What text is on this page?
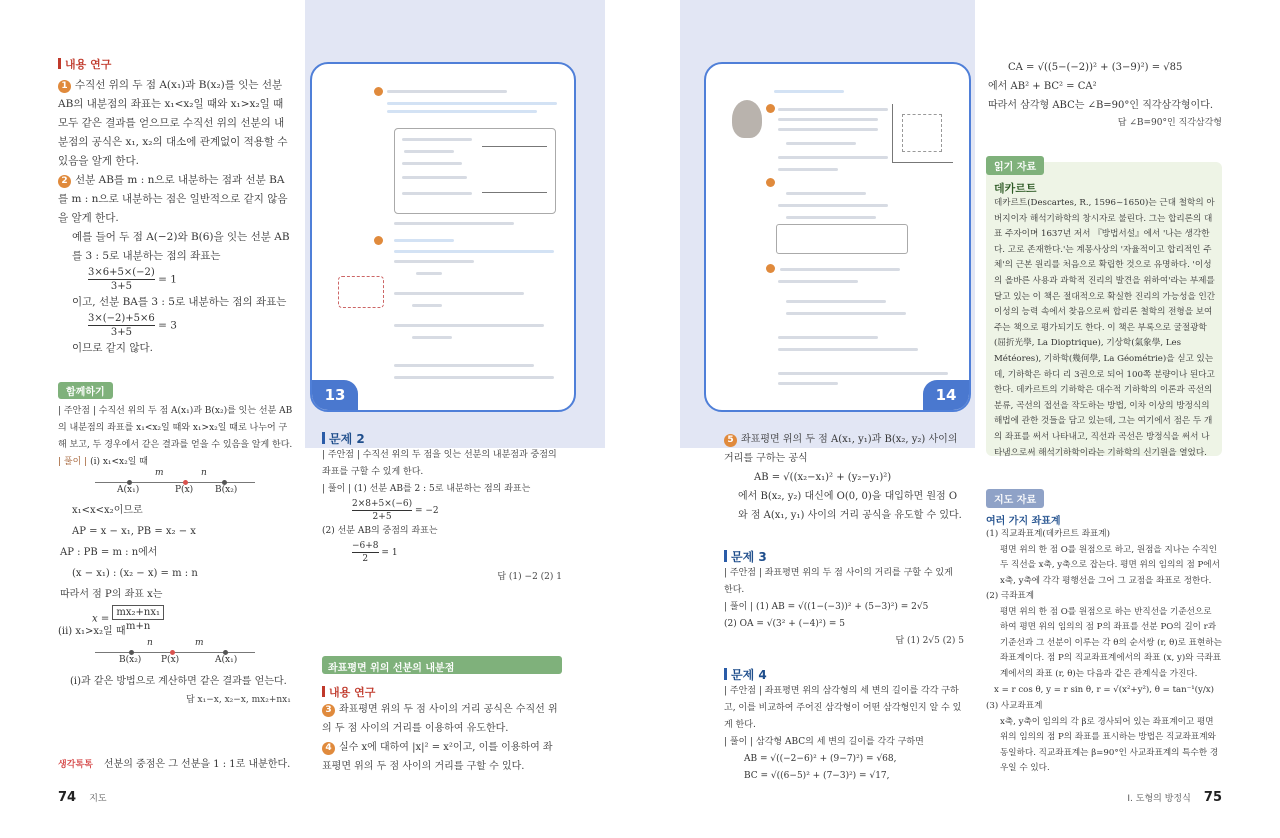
내용 연구
1 수직선 위의 두 점 A(x₁)과 B(x₂)를 잇는 선분 AB의 내분점의 좌표는 x₁<x₂일 때와 x₁>x₂일 때 모두 같은 결과를 얻으므로 수직선 위의 선분의 내분점의 공식은 x₁, x₂의 대소에 관계없이 적용할 수 있음을 알게 한다.
2 선분 AB를 m : n으로 내분하는 점과 선분 BA를 m : n으로 내분하는 점은 일반적으로 같지 않음을 알게 한다.
예를 들어 두 점 A(−2)와 B(6)을 잇는 선분 AB를 3 : 5로 내분하는 점의 좌표는
$\frac{3\times 6+5\times(-2)}{3+5} = 1$
이고, 선분 BA를 3 : 5로 내분하는 점의 좌표는
$\frac{3\times(-2)+5\times 6}{3+5} = 3$
이므로 같지 않다.
함께하기
| 주안점 | 수직선 위의 두 점 A(x₁)과 B(x₂)를 잇는 선분 AB의 내분점의 좌표를 x₁<x₂일 때와 x₁>x₂일 때로 나누어 구해 보고, 두 경우에서 같은 결과를 얻을 수 있음을 알게 한다.
| 풀이 | (i) x₁<x₂일 때
A(x₁)	P(x) B(x₂)
m	n
x₁<x<x₂이므로
AP = x − x₁, PB = x₂ − x
AP : PB = m : n에서
(x − x₁) : (x₂ − x) = m : n
따라서 점 P의 좌표 x는
$x = \frac{\text{mx₂+nx₁}}{m+n}$
(ii) x₁>x₂일 때
B(x₂) P(x)	A(x₁)
n	m
(i)과 같은 방법으로 계산하면 같은 결과를 얻는다.
답 x₁−x, x₂−x, mx₂+nx₁
생각톡톡 선분의 중점은 그 선분을 1 : 1로 내분한다.
74 지도
13	14
문제 2
| 주안점 | 수직선 위의 두 점을 잇는 선분의 내분점과 중점의 좌표를 구할 수 있게 한다.
| 풀이 | (1) 선분 AB를 2 : 5로 내분하는 점의 좌표는
$\frac{2\times 8+5\times(-6)}{2+5} = -2$
(2) 선분 AB의 중점의 좌표는
$\frac{-6+8}{2} = 1$
답 (1) −2 (2) 1
좌표평면 위의 선분의 내분점
내용 연구
3 좌표평면 위의 두 점 사이의 거리 공식은 수직선 위의 두 점 사이의 거리를 이용하여 유도한다.
4 실수 x에 대하여 |x|² = x²이고, 이를 이용하여 좌표평면 위의 두 점 사이의 거리를 구할 수 있다.
5 좌표평면 위의 두 점 A(x₁, y₁)과 B(x₂, y₂) 사이의 거리를 구하는 공식
AB = √((x₂−x₁)² + (y₂−y₁)²)
에서 B(x₂, y₂) 대신에 O(0, 0)을 대입하면 원점 O와 점 A(x₁, y₁) 사이의 거리 공식을 유도할 수 있다.
문제 3
| 주안점 | 좌표평면 위의 두 점 사이의 거리를 구할 수 있게 한다.
| 풀이 | (1) AB = √((1−(−3))² + (5−3)²) = 2√5
(2) OA = √(3² + (−4)²) = 5
답 (1) 2√5 (2) 5
문제 4
| 주안점 | 좌표평면 위의 삼각형의 세 변의 길이를 각각 구하고, 이를 비교하여 주어진 삼각형이 어떤 삼각형인지 알 수 있게 한다.
| 풀이 | 삼각형 ABC의 세 변의 길이를 각각 구하면
AB = √((−2−6)² + (9−7)²) = √68,
BC = √((6−5)² + (7−3)²) = √17,
CA = √((5−(−2))² + (3−9)²) = √85
에서 AB² + BC² = CA²
따라서 삼각형 ABC는 ∠B=90°인 직각삼각형이다.
답 ∠B=90°인 직각삼각형
읽기 자료
데카르트
데카르트(Descartes, R., 1596~1650)는 근대 철학의 아버지이자 해석기하학의 창시자로 불린다. 그는 합리론의 대표 주자이며 1637년 저서 『방법서설』에서 '나는 생각한다. 고로 존재한다.'는 계몽사상의 '자율적이고 합리적인 주체'의 근본 원리를 처음으로 확립한 것으로 유명하다. '이성의 올바른 사용과 과학적 진리의 발견을 위하여'라는 부제를 달고 있는 이 책은 절대적으로 확실한 진리의 가능성을 인간 이성의 능력 속에서 찾음으로써 합리론 철학의 전형을 보여 주는 책으로 평가되기도 한다. 이 책은 부록으로 굴절광학(屈折光學, La Dioptrique), 기상학(氣象學, Les Météores), 기하학(幾何學, La Géométrie)을 싣고 있는데, 기하학은 하디 리 3권으로 되어 100쪽 분량이나 된다고 한다. 데카르트의 기하학은 대수적 기하학의 이론과 곡선의 분류, 곡선의 접선을 작도하는 방법, 이차 이상의 방정식의 해법에 관한 것들을 담고 있는데, 그는 여기에서 점은 두 개의 좌표를 써서 나타내고, 직선과 곡선은 방정식을 써서 나타냄으로써 해석기하학이라는 기하학의 신기원을 열었다.
지도 자료
여러 가지 좌표계
(1) 직교좌표계(데카르트 좌표계)
평면 위의 한 점 O를 원점으로 하고, 원점을 지나는 수직인 두 직선을 x축, y축으로 잡는다. 평면 위의 임의의 점 P에서 x축, y축에 각각 평행선을 그어 그 교점을 좌표로 정한다.
(2) 극좌표계
평면 위의 한 점 O를 원점으로 하는 반직선을 기준선으로 하여 평면 위의 임의의 점 P의 좌표를 선분 PO의 길이 r과 기준선과 그 선분이 이루는 각 θ의 순서쌍 (r, θ)로 표현하는 좌표계이다. 점 P의 직교좌표계에서의 좌표 (x, y)와 극좌표계에서의 좌표 (r, θ)는 다음과 같은 관계식을 가진다.
x = r cos θ, y = r sin θ, r = √(x²+y²), θ = tan⁻¹(y/x)
(3) 사교좌표계
x축, y축이 임의의 각 β로 경사되어 있는 좌표계이고 평면 위의 임의의 점 P의 좌표를 표시하는 방법은 직교좌표계와 동일하다. 직교좌표계는 β=90°인 사교좌표계의 특수한 경우일 수 있다.
I. 도형의 방정식 75
